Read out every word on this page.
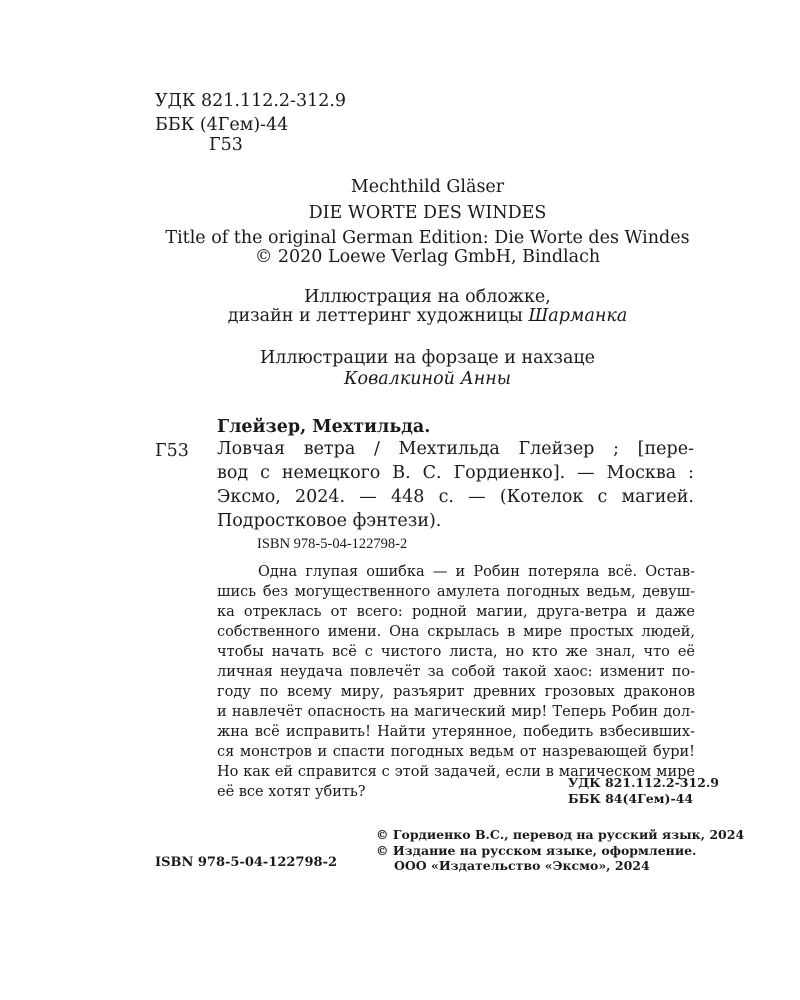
УДК 821.112.2-312.9
ББК (4Гем)-44
Г53
Mechthild Gläser
DIE WORTE DES WINDES
Title of the original German Edition: Die Worte des Windes
© 2020 Loewe Verlag GmbH, Bindlach
Иллюстрация на обложке,
дизайн и леттеринг художницы Шарманка
Иллюстрации на форзаце и нахзаце
Ковалкиной Анны
Глейзер, Мехтильда.
Г53 Ловчая ветра / Мехтильда Глейзер ; [пере-
вод с немецкого В. С. Гордиенко]. — Москва :
Эксмо, 2024. — 448 с. — (Котелок с магией.
Подростковое фэнтези).
ISBN 978-5-04-122798-2
Одна глупая ошибка — и Робин потеряла всё. Остав-
шись без могущественного амулета погодных ведьм, девуш-
ка отреклась от всего: родной магии, друга-ветра и даже
собственного имени. Она скрылась в мире простых людей,
чтобы начать всё с чистого листа, но кто же знал, что её
личная неудача повлечёт за собой такой хаос: изменит по-
году по всему миру, разъярит древних грозовых драконов
и навлечёт опасность на магический мир! Теперь Робин дол-
жна всё исправить! Найти утерянное, победить взбесивших-
ся монстров и спасти погодных ведьм от назревающей бури!
Но как ей справится с этой задачей, если в магическом мире
её все хотят убить?
УДК 821.112.2-312.9
ББК 84(4Гем)-44
© Гордиенко В.С., перевод на русский язык, 2024
© Издание на русском языке, оформление.
ООО «Издательство «Эксмо», 2024
ISBN 978-5-04-122798-2
